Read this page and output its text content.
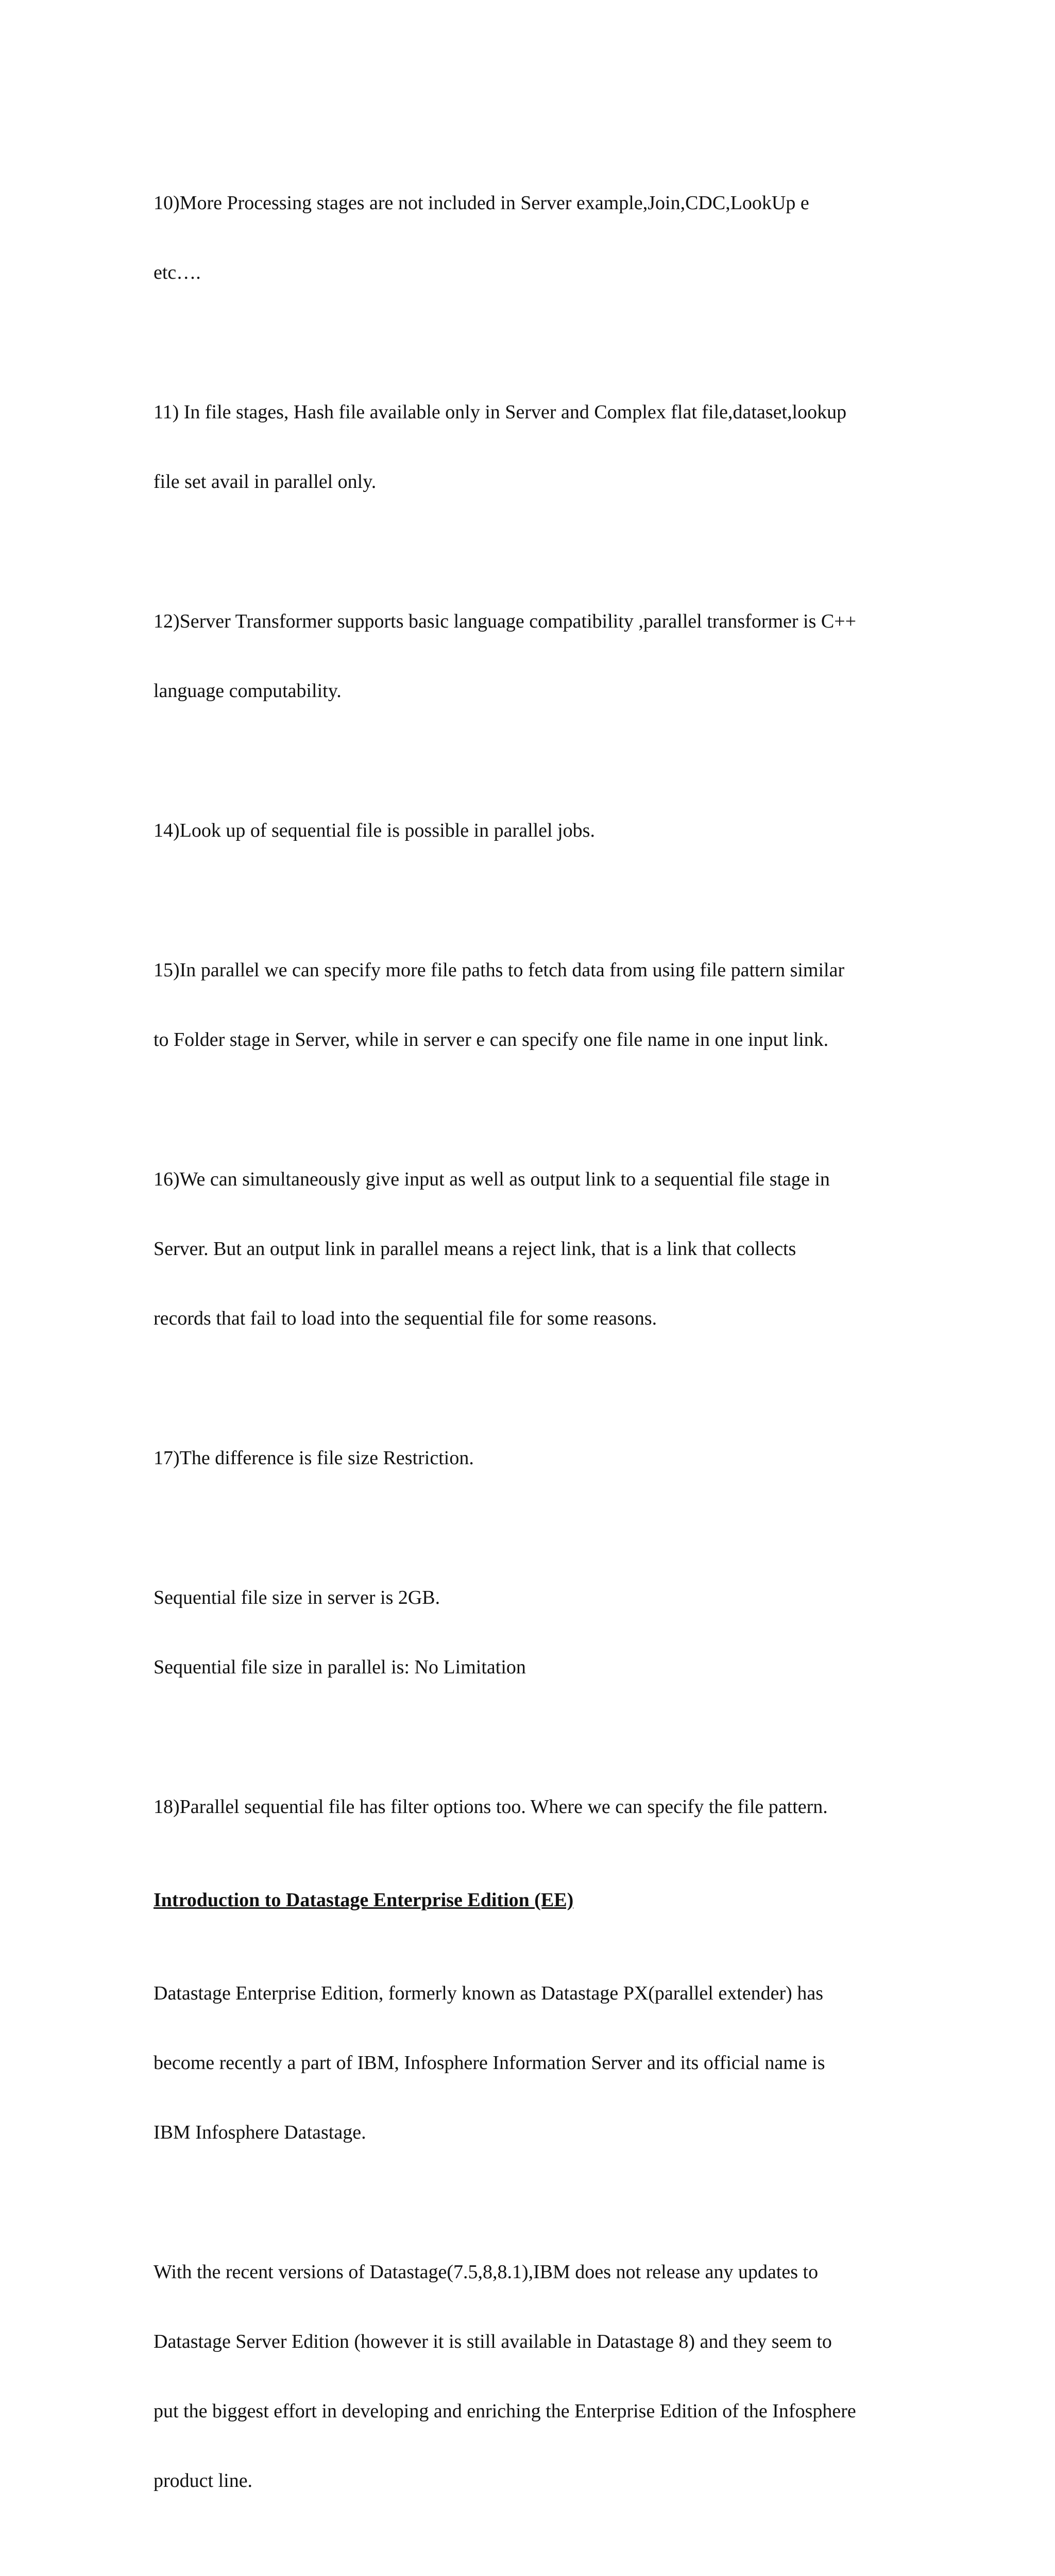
10)More Processing stages are not included in Server example,Join,CDC,LookUp e

etc….

11) In file stages, Hash file available only in Server and Complex flat file,dataset,lookup

file set avail in parallel only.

12)Server Transformer supports basic language compatibility ,parallel transformer is C++

language computability.

14)Look up of sequential file is possible in parallel jobs.

15)In parallel we can specify more file paths to fetch data from using file pattern similar

to Folder stage in Server, while in server e can specify one file name in one input link.

16)We can simultaneously give input as well as output link to a sequential file stage in

Server. But an output link in parallel means a reject link, that is a link that collects

records that fail to load into the sequential file for some reasons.

17)The difference is file size Restriction.

Sequential file size in server is 2GB.

Sequential file size in parallel is: No Limitation

18)Parallel sequential file has filter options too. Where we can specify the file pattern.

Introduction to Datastage Enterprise Edition (EE)

Datastage Enterprise Edition, formerly known as Datastage PX(parallel extender) has

become recently a part of IBM, Infosphere Information Server and its official name is

IBM Infosphere Datastage.

With the recent versions of Datastage(7.5,8,8.1),IBM does not release any updates to

Datastage Server Edition (however it is still available in Datastage 8) and they seem to

put the biggest effort in developing and enriching the Enterprise Edition of the Infosphere

product line.
